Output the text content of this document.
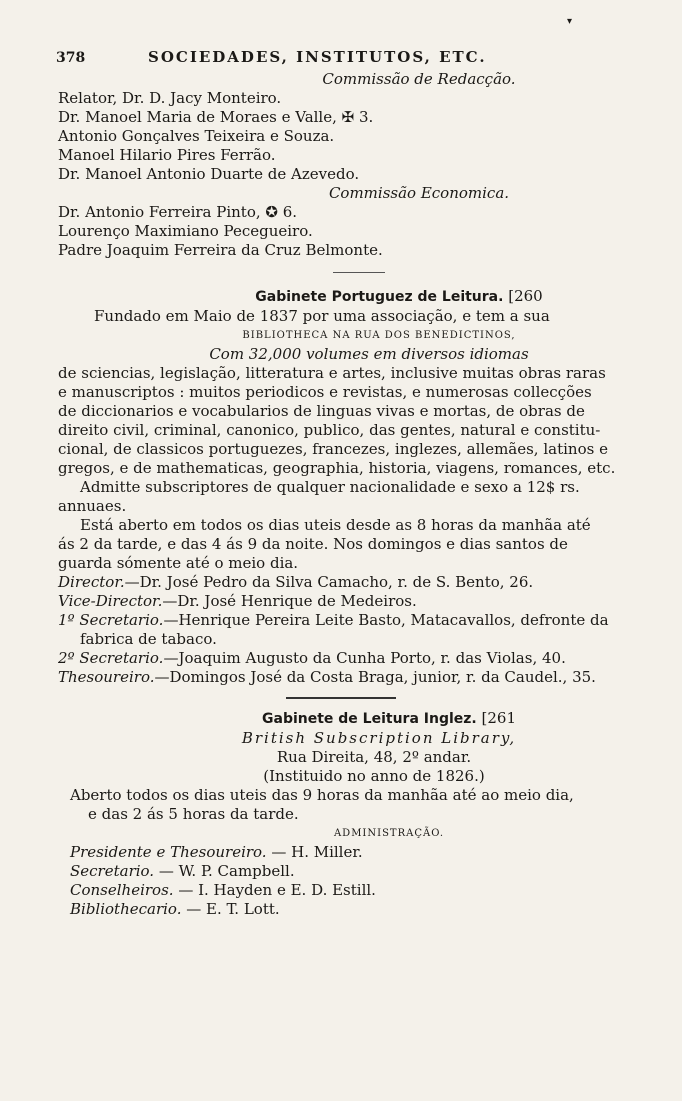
▾
378	SOCIEDADES, INSTITUTOS, ETC.
Commissão de Redacção.
Relator, Dr. D. Jacy Monteiro.
Dr. Manoel Maria de Moraes e Valle, ✠ 3.
Antonio Gonçalves Teixeira e Souza.
Manoel Hilario Pires Ferrão.
Dr. Manoel Antonio Duarte de Azevedo.
Commissão Economica.
Dr. Antonio Ferreira Pinto, ✪ 6.
Lourenço Maximiano Pecegueiro.
Padre Joaquim Ferreira da Cruz Belmonte.
Gabinete Portuguez de Leitura. [260
Fundado em Maio de 1837 por uma associação, e tem a sua
BIBLIOTHECA NA RUA DOS BENEDICTINOS,
Com 32,000 volumes em diversos idiomas
de sciencias, legislação, litteratura e artes, inclusive muitas obras raras
e manuscriptos : muitos periodicos e revistas, e numerosas collecções
de diccionarios e vocabularios de linguas vivas e mortas, de obras de
direito civil, criminal, canonico, publico, das gentes, natural e constitu-
cional, de classicos portuguezes, francezes, inglezes, allemães, latinos e
gregos, e de mathematicas, geographia, historia, viagens, romances, etc.
Admitte subscriptores de qualquer nacionalidade e sexo a 12$ rs.
annuaes.
Está aberto em todos os dias uteis desde as 8 horas da manhãa até
ás 2 da tarde, e das 4 ás 9 da noite. Nos domingos e dias santos de
guarda sómente até o meio dia.
Director.—Dr. José Pedro da Silva Camacho, r. de S. Bento, 26.
Vice-Director.—Dr. José Henrique de Medeiros.
1º Secretario.—Henrique Pereira Leite Basto, Matacavallos, defronte da
fabrica de tabaco.
2º Secretario.—Joaquim Augusto da Cunha Porto, r. das Violas, 40.
Thesoureiro.—Domingos José da Costa Braga, junior, r. da Caudel., 35.
Gabinete de Leitura Inglez. [261
British Subscription Library,
Rua Direita, 48, 2º andar.
(Instituido no anno de 1826.)
Aberto todos os dias uteis das 9 horas da manhãa até ao meio dia,
e das 2 ás 5 horas da tarde.
ADMINISTRAÇÃO.
Presidente e Thesoureiro. — H. Miller.
Secretario. — W. P. Campbell.
Conselheiros. — I. Hayden e E. D. Estill.
Bibliothecario. — E. T. Lott.
